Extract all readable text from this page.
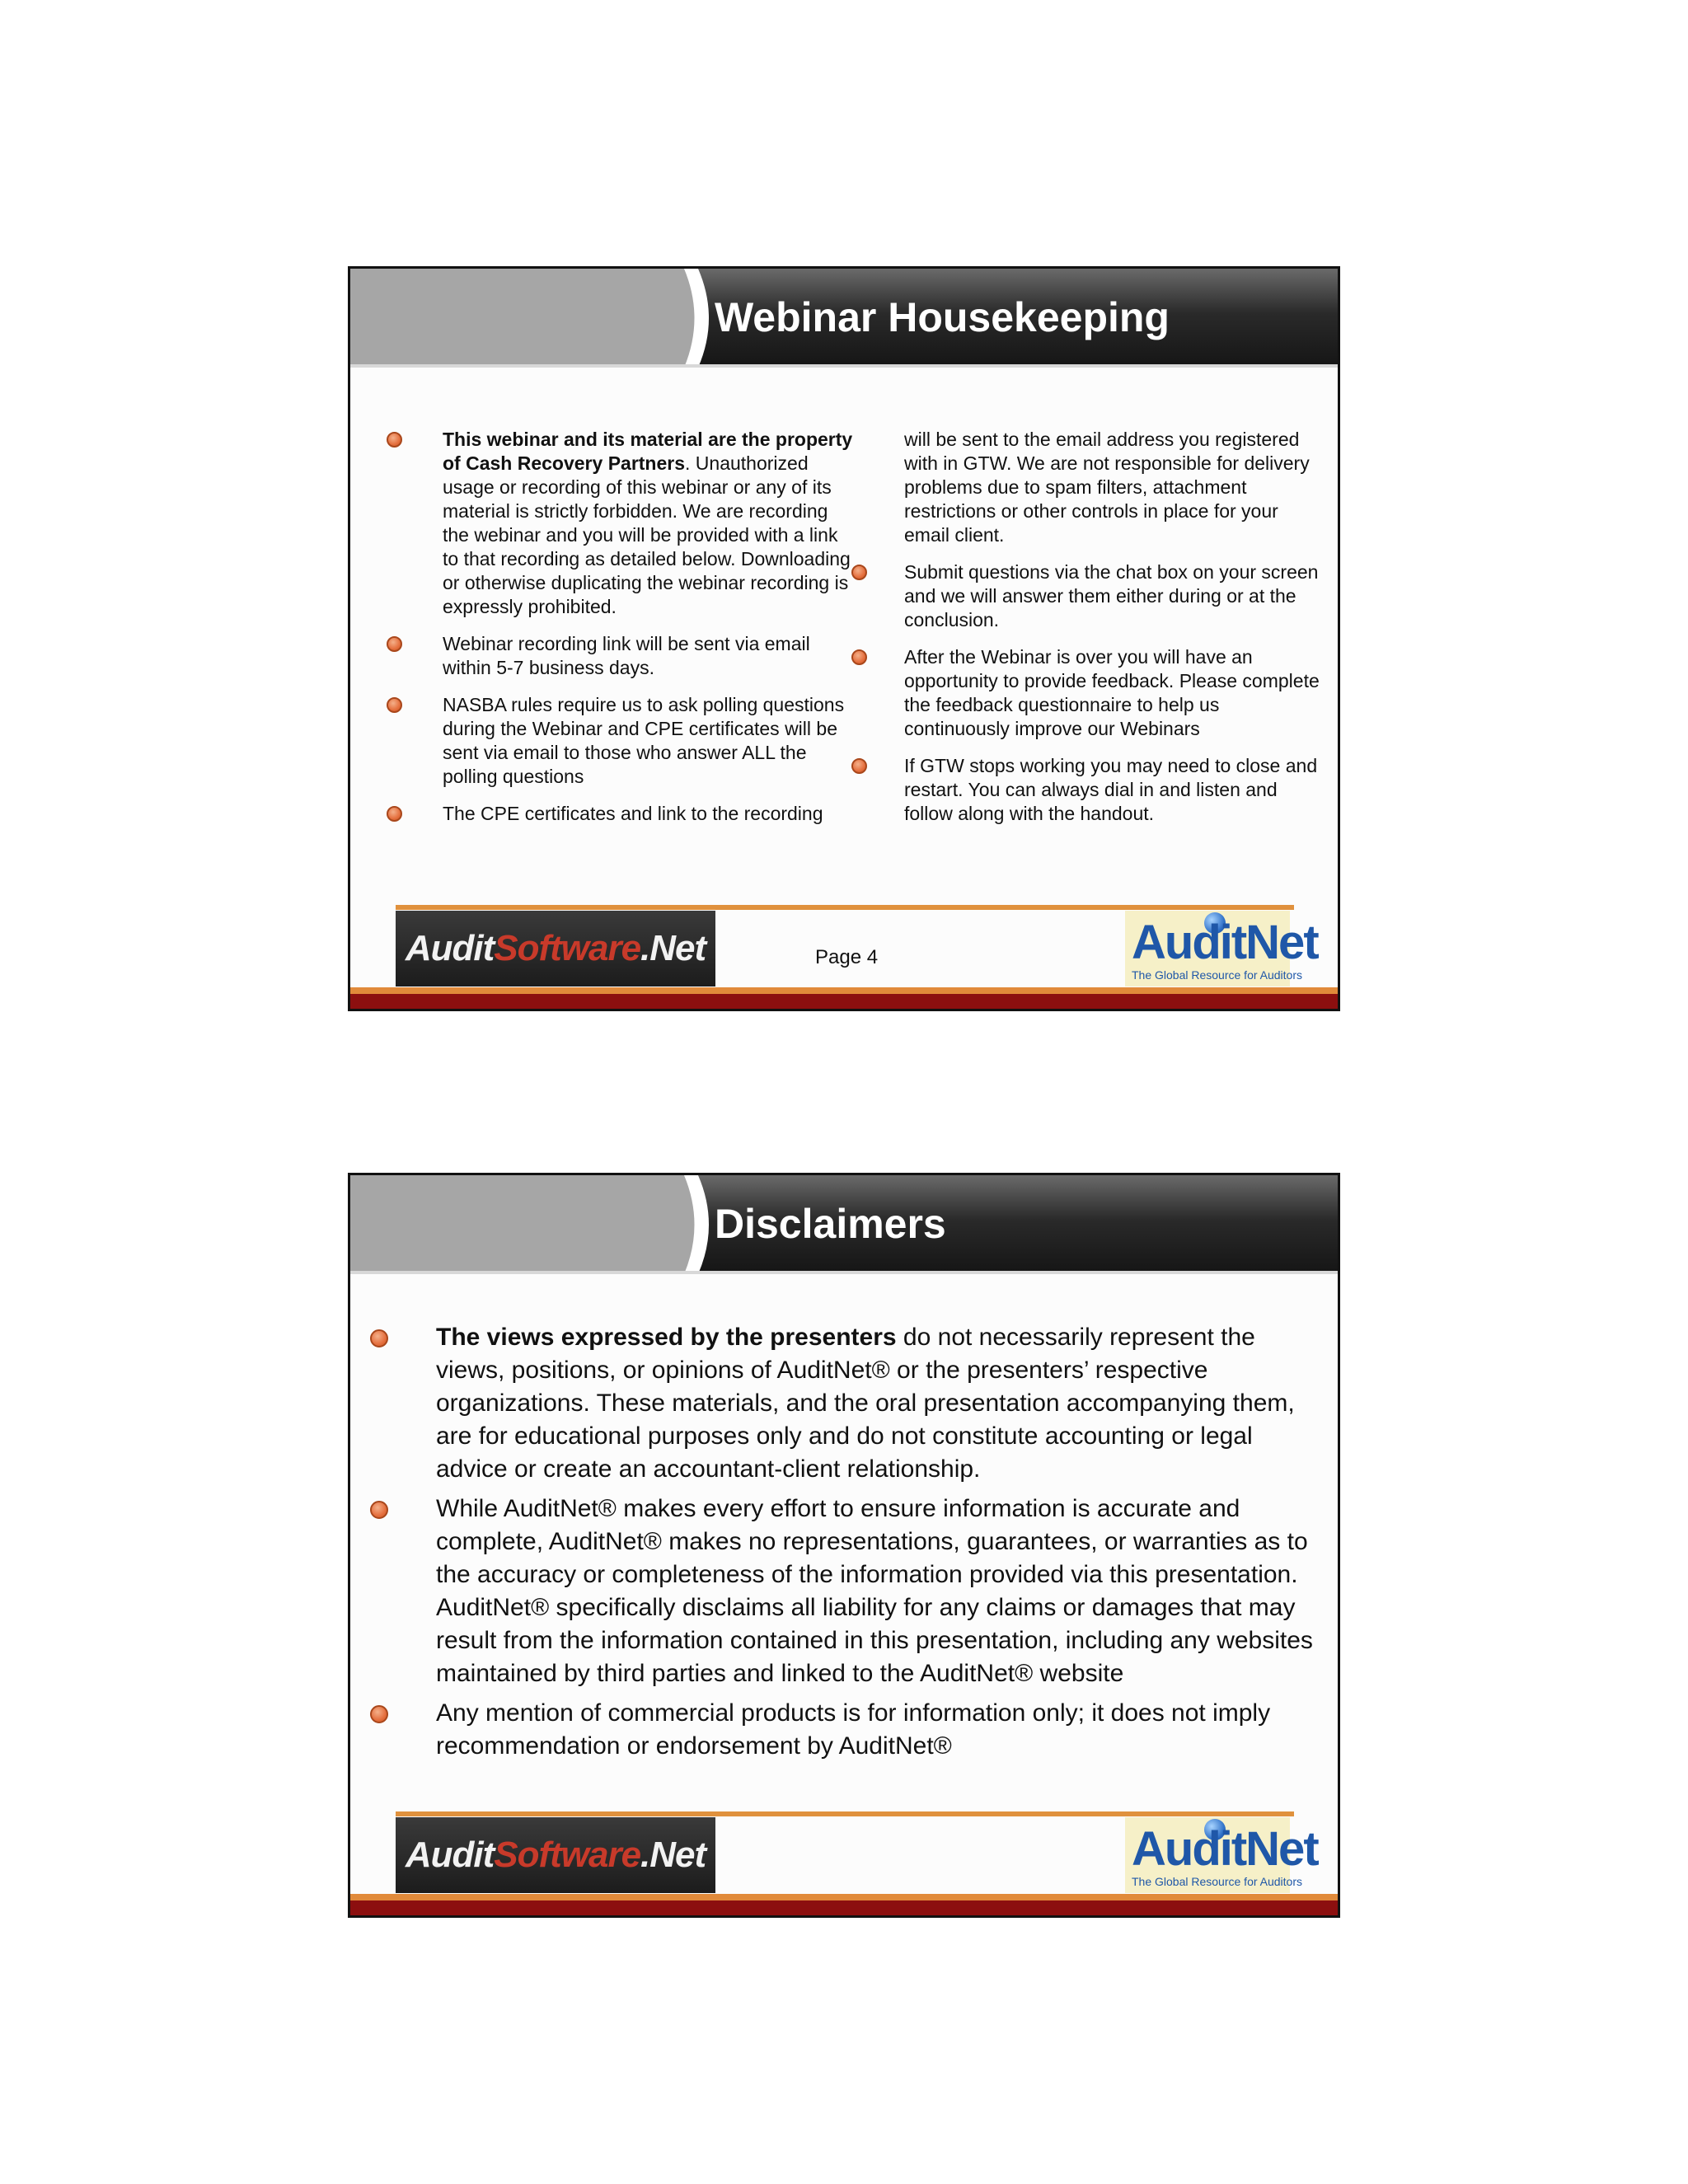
Webinar Housekeeping
This webinar and its material are the property of Cash Recovery Partners. Unauthorized usage or recording of this webinar or any of its material is strictly forbidden. We are recording the webinar and you will be provided with a link to that recording as detailed below. Downloading or otherwise duplicating the webinar recording is expressly prohibited.
Webinar recording link will be sent via email within 5-7 business days.
NASBA rules require us to ask polling questions during the Webinar and CPE certificates will be sent via email to those who answer ALL the polling questions
The CPE certificates and link to the recording
will be sent to the email address you registered with in GTW. We are not responsible for delivery problems due to spam filters, attachment restrictions or other controls in place for your email client.
Submit questions via the chat box on your screen and we will answer them either during or at the conclusion.
After the Webinar is over you will have an opportunity to provide feedback. Please complete the feedback questionnaire to help us continuously improve our Webinars
If GTW stops working you may need to close and restart. You can always dial in and listen and follow along with the handout.
Audit Software .Net	Page 4	AuditNet
The Global Resource for Auditors
Disclaimers
The views expressed by the presenters do not necessarily represent the views, positions, or opinions of AuditNet® or the presenters’ respective organizations. These materials, and the oral presentation accompanying them, are for educational purposes only and do not constitute accounting or legal advice or create an accountant-client relationship.
While AuditNet® makes every effort to ensure information is accurate and complete, AuditNet® makes no representations, guarantees, or warranties as to the accuracy or completeness of the information provided via this presentation. AuditNet® specifically disclaims all liability for any claims or damages that may result from the information contained in this presentation, including any websites maintained by third parties and linked to the AuditNet® website
Any mention of commercial products is for information only; it does not imply recommendation or endorsement by AuditNet®
Audit Software .Net	AuditNet
The Global Resource for Auditors
